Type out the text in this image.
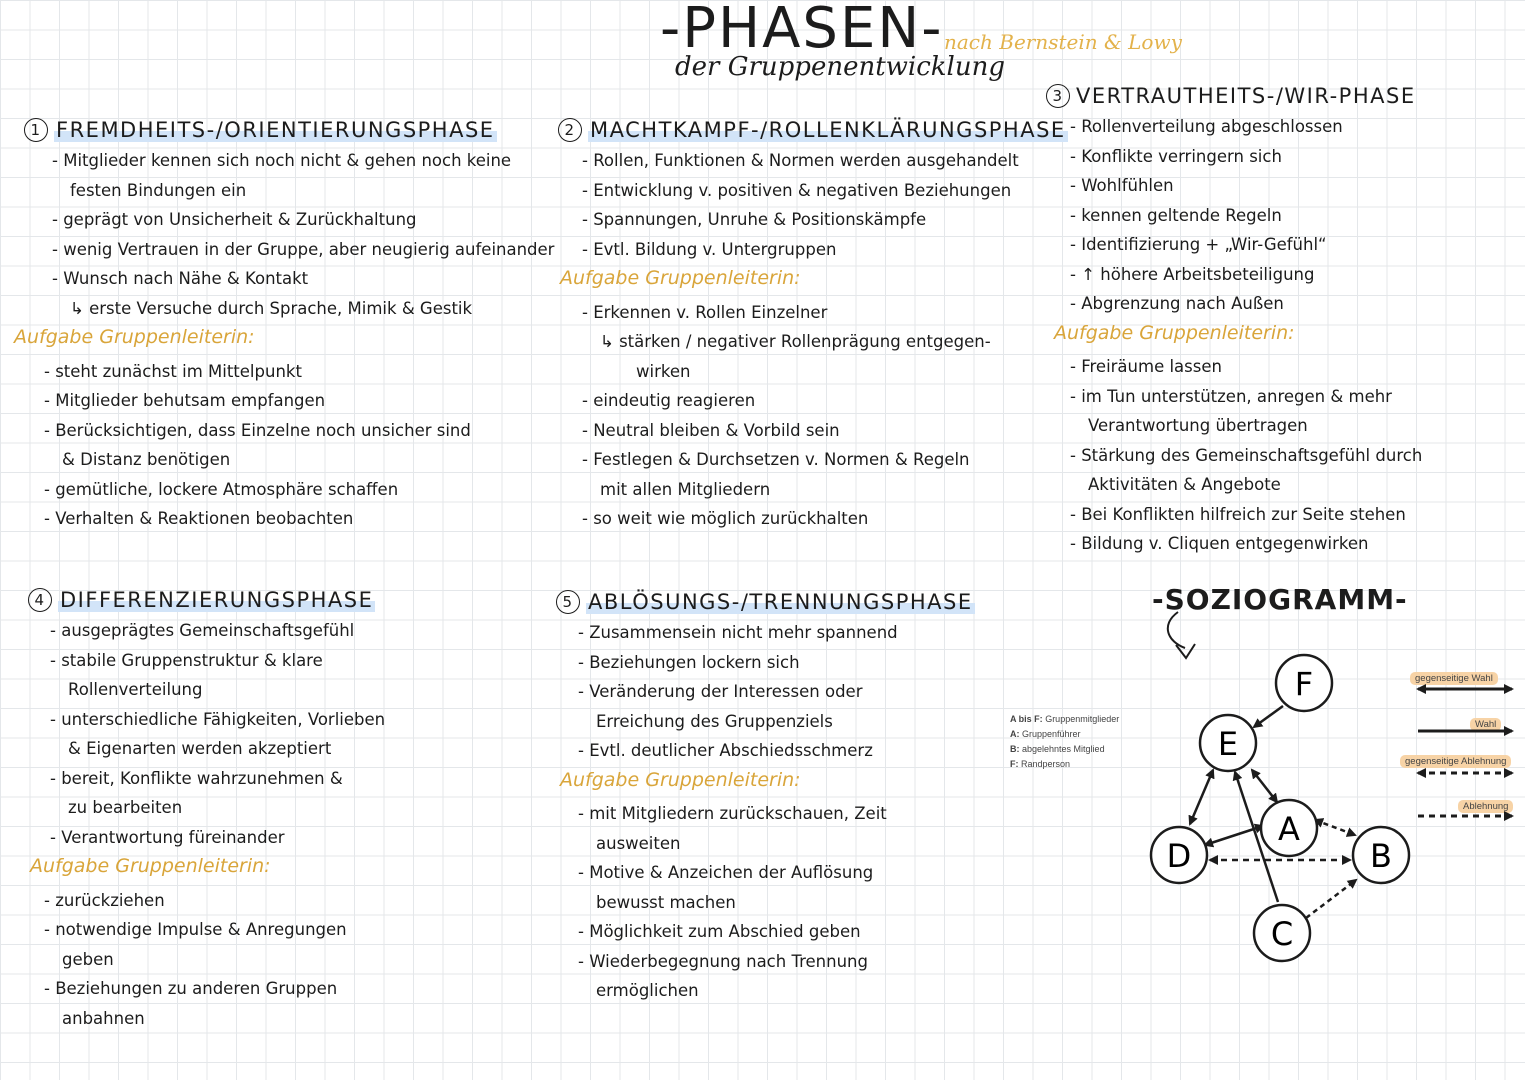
-PHASEN-
der Gruppenentwicklung
nach Bernstein & Lowy
1 FREMDHEITS-/ORIENTIERUNGSPHASE
- Mitglieder kennen sich noch nicht & gehen noch keine
festen Bindungen ein
- geprägt von Unsicherheit & Zurückhaltung
- wenig Vertrauen in der Gruppe, aber neugierig aufeinander
- Wunsch nach Nähe & Kontakt
↳ erste Versuche durch Sprache, Mimik & Gestik
Aufgabe Gruppenleiterin:
- steht zunächst im Mittelpunkt
- Mitglieder behutsam empfangen
- Berücksichtigen, dass Einzelne noch unsicher sind
& Distanz benötigen
- gemütliche, lockere Atmosphäre schaffen
- Verhalten & Reaktionen beobachten
2 MACHTKAMPF-/ROLLENKLÄRUNGSPHASE
- Rollen, Funktionen & Normen werden ausgehandelt
- Entwicklung v. positiven & negativen Beziehungen
- Spannungen, Unruhe & Positionskämpfe
- Evtl. Bildung v. Untergruppen
Aufgabe Gruppenleiterin:
- Erkennen v. Rollen Einzelner
↳ stärken / negativer Rollenprägung entgegen-
wirken
- eindeutig reagieren
- Neutral bleiben & Vorbild sein
- Festlegen & Durchsetzen v. Normen & Regeln
mit allen Mitgliedern
- so weit wie möglich zurückhalten
3 VERTRAUTHEITS-/WIR-PHASE
- Rollenverteilung abgeschlossen
- Konflikte verringern sich
- Wohlfühlen
- kennen geltende Regeln
- Identifizierung + „Wir-Gefühl“
- ↑ höhere Arbeitsbeteiligung
- Abgrenzung nach Außen
Aufgabe Gruppenleiterin:
- Freiräume lassen
- im Tun unterstützen, anregen & mehr
Verantwortung übertragen
- Stärkung des Gemeinschaftsgefühl durch
Aktivitäten & Angebote
- Bei Konflikten hilfreich zur Seite stehen
- Bildung v. Cliquen entgegenwirken
4 DIFFERENZIERUNGSPHASE
- ausgeprägtes Gemeinschaftsgefühl
- stabile Gruppenstruktur & klare
Rollenverteilung
- unterschiedliche Fähigkeiten, Vorlieben
& Eigenarten werden akzeptiert
- bereit, Konflikte wahrzunehmen &
zu bearbeiten
- Verantwortung füreinander
Aufgabe Gruppenleiterin:
- zurückziehen
- notwendige Impulse & Anregungen
geben
- Beziehungen zu anderen Gruppen
anbahnen
5 ABLÖSUNGS-/TRENNUNGSPHASE
- Zusammensein nicht mehr spannend
- Beziehungen lockern sich
- Veränderung der Interessen oder
Erreichung des Gruppenziels
- Evtl. deutlicher Abschiedsschmerz
Aufgabe Gruppenleiterin:
- mit Mitgliedern zurückschauen, Zeit
ausweiten
- Motive & Anzeichen der Auflösung
bewusst machen
- Möglichkeit zum Abschied geben
- Wiederbegegnung nach Trennung
ermöglichen
-SOZIOGRAMM-
A bis F: Gruppenmitglieder
A: Gruppenführer
B: abgelehntes Mitglied
F: Randperson
gegenseitige Wahl
Wahl
gegenseitige Ablehnung
Ablehnung
F
E
A
B
C
D
